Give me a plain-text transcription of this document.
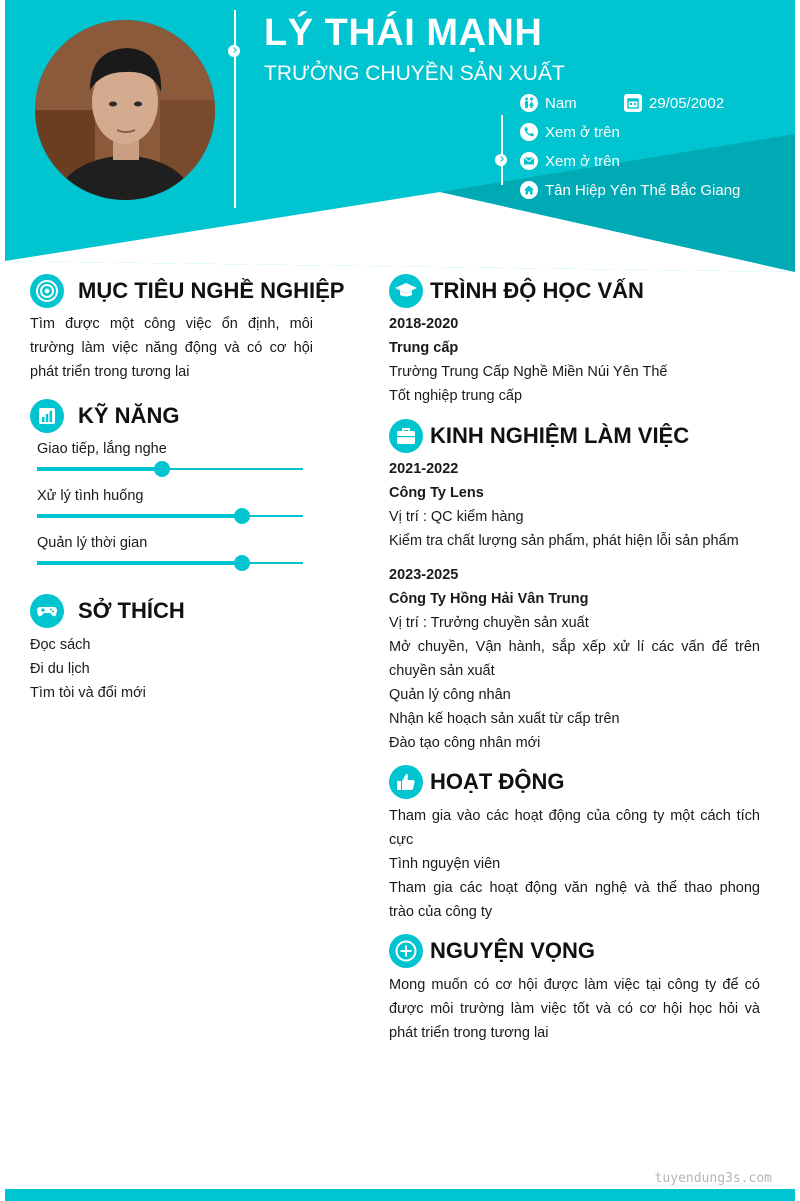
LÝ THÁI MẠNH
TRƯỞNG CHUYỀN SẢN XUẤT
Nam	29/05/2002
Xem ở trên
Xem ở trên
Tân Hiệp Yên Thế Bắc Giang
MỤC TIÊU NGHỀ NGHIỆP
Tìm được một công việc ổn định, môi
trường làm việc năng động và có cơ hội
phát triển trong tương lai
KỸ NĂNG
Giao tiếp, lắng nghe
Xử lý tình huống
Quản lý thời gian
SỞ THÍCH
Đọc sách
Đi du lịch
Tìm tòi và đổi mới
TRÌNH ĐỘ HỌC VẤN
2018-2020
Trung cấp
Trường Trung Cấp Nghề Miền Núi Yên Thế
Tốt nghiệp trung cấp
KINH NGHIỆM LÀM VIỆC
2021-2022
Công Ty Lens
Vị trí : QC kiểm hàng
Kiểm tra chất lượng sản phẩm, phát hiện lỗi sản phẩm
2023-2025
Công Ty Hồng Hải Vân Trung
Vị trí : Trưởng chuyền sản xuất
Mở chuyền, Vận hành, sắp xếp xử lí các vấn để trên
chuyền sản xuất
Quản lý công nhân
Nhận kế hoạch sản xuất từ cấp trên
Đào tạo công nhân mới
HOẠT ĐỘNG
Tham gia vào các hoạt động của công ty một cách tích
cực
Tình nguyện viên
Tham gia các hoạt động văn nghệ và thể thao phong
trào của công ty
NGUYỆN VỌNG
Mong muốn có cơ hội được làm việc tại công ty để có
được môi trường làm việc tốt và có cơ hội học hỏi và
phát triển trong tương lai
tuyendung3s.com
